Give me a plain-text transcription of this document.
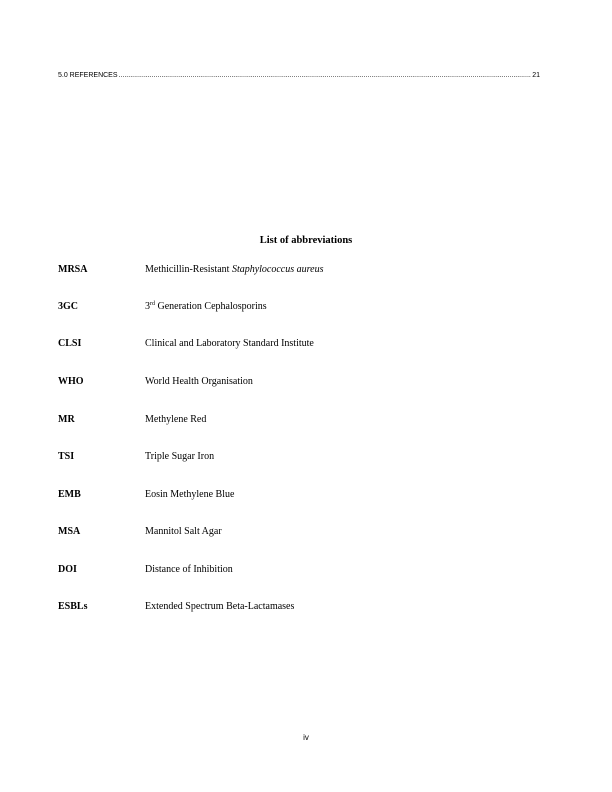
5.0 REFERENCES .....	21
List of abbreviations
MRSA	Methicillin-Resistant Staphylococcus aureus
3GC	3rd Generation Cephalosporins
CLSI	Clinical and Laboratory Standard Institute
WHO	World Health Organisation
MR	Methylene Red
TSI	Triple Sugar Iron
EMB	Eosin Methylene Blue
MSA	Mannitol Salt Agar
DOI	Distance of Inhibition
ESBLs	Extended Spectrum Beta-Lactamases
iv
